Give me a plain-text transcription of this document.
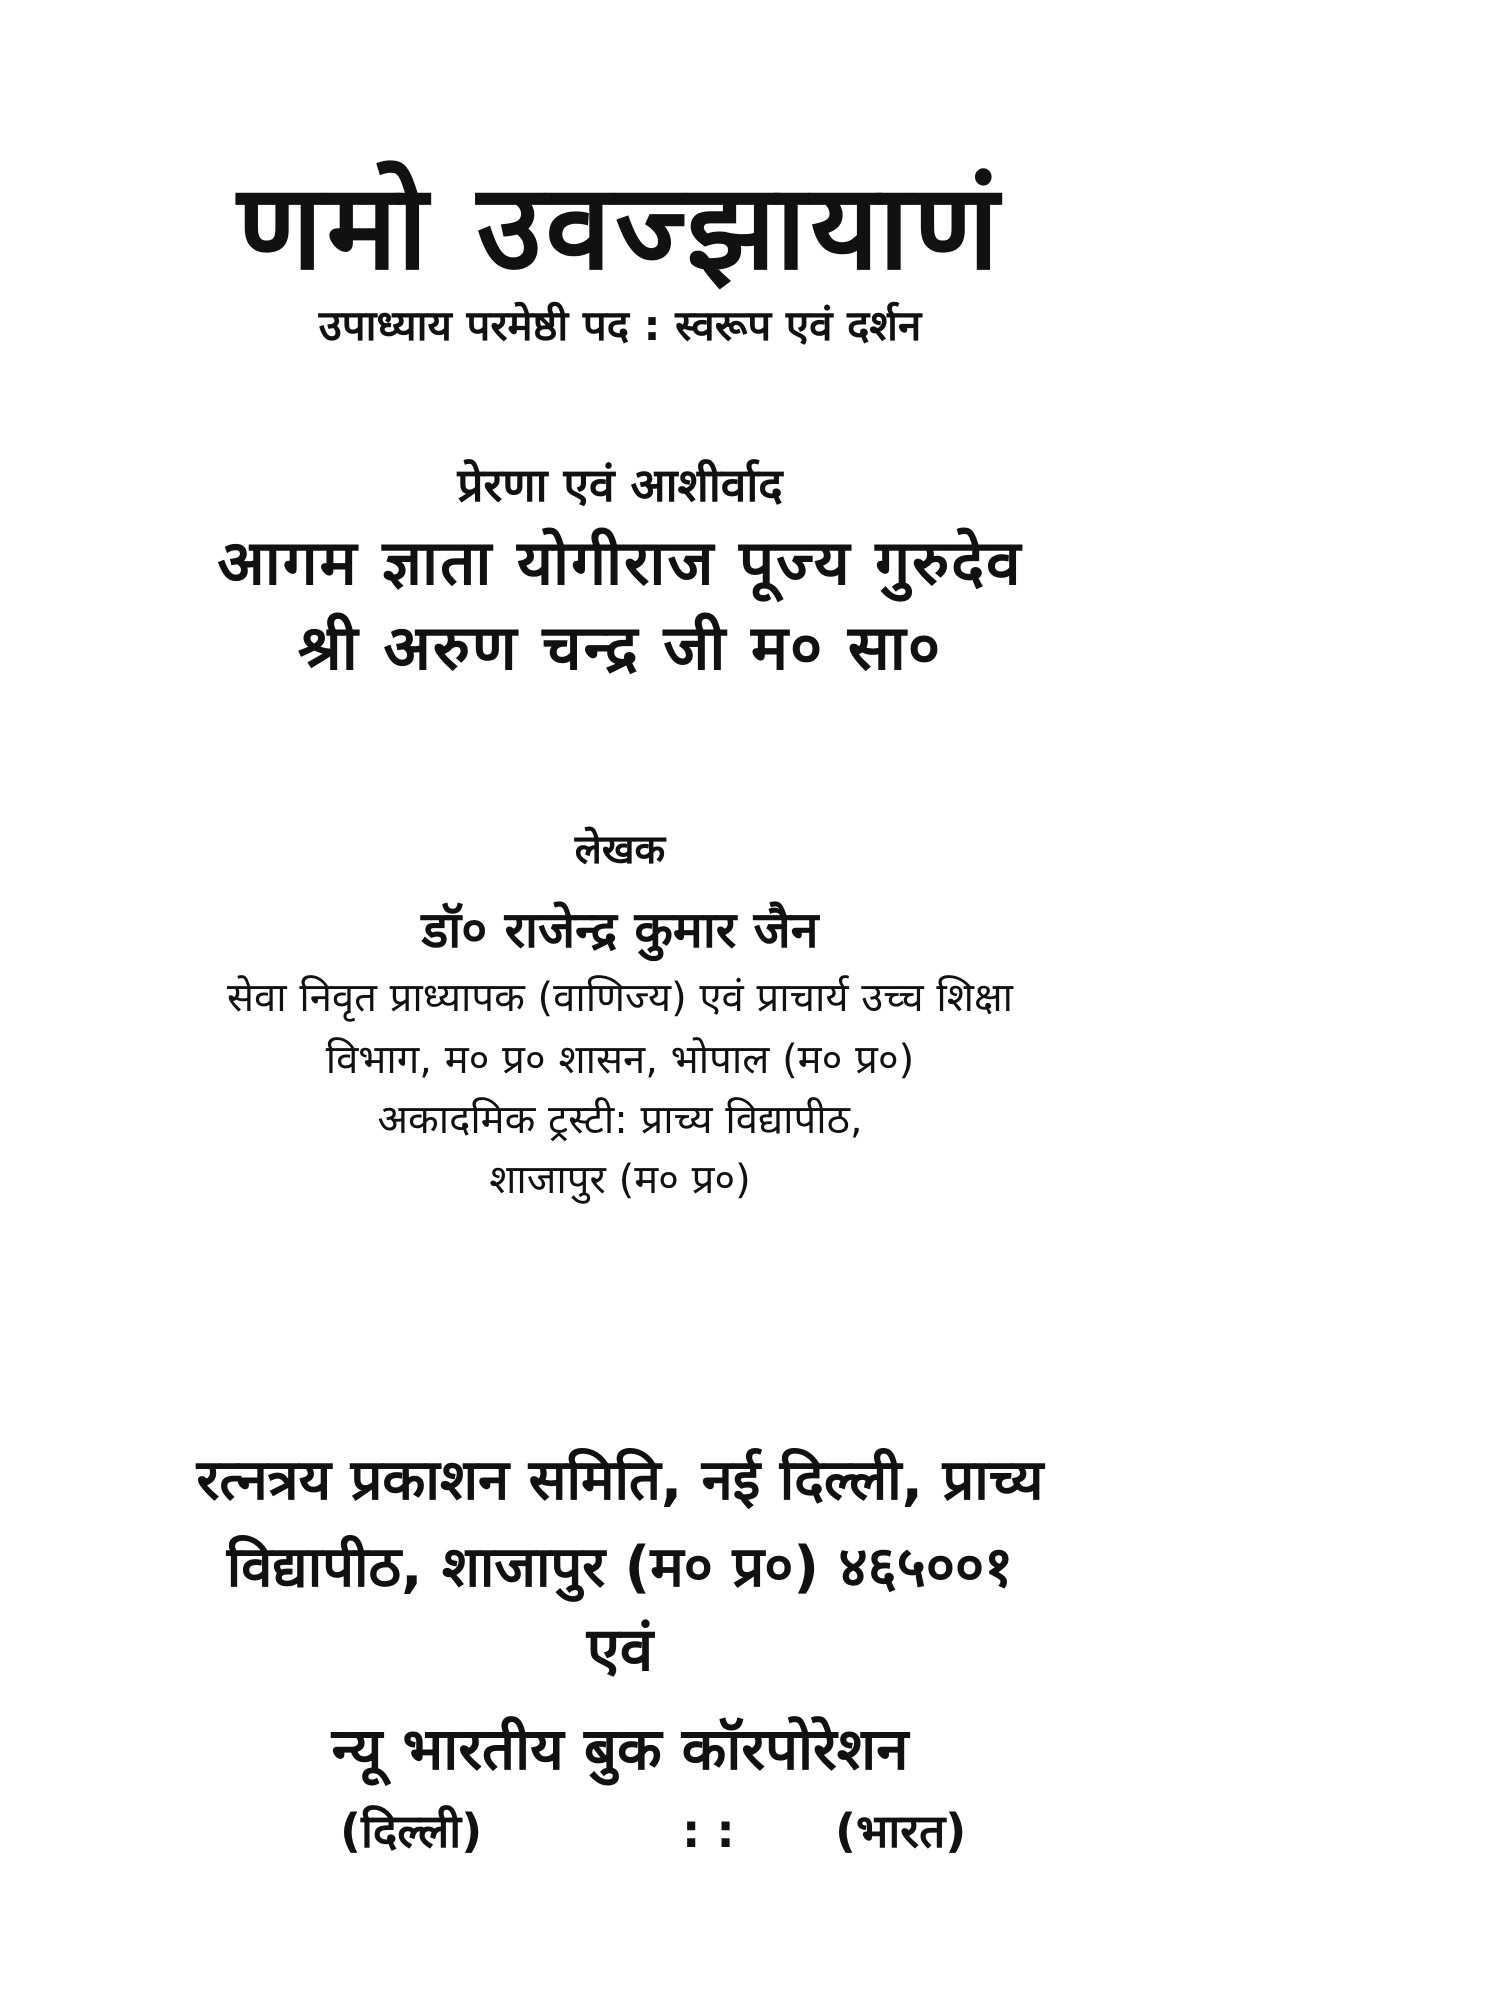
णमो उवज्झायाणं
उपाध्याय परमेष्ठी पद : स्वरूप एवं दर्शन
प्रेरणा एवं आशीर्वाद
आगम ज्ञाता योगीराज पूज्य गुरुदेव
श्री अरुण चन्द्र जी म० सा०
लेखक
डॉ० राजेन्द्र कुमार जैन
सेवा निवृत प्राध्यापक (वाणिज्य) एवं प्राचार्य उच्च शिक्षा
विभाग, म० प्र० शासन, भोपाल (म० प्र०)
अकादमिक ट्रस्टी: प्राच्य विद्यापीठ,
शाजापुर (म० प्र०)
रत्नत्रय प्रकाशन समिति, नई दिल्ली, प्राच्य
विद्यापीठ, शाजापुर (म० प्र०) ४६५००१
एवं
न्यू भारतीय बुक कॉरपोरेशन
(दिल्ली)	: : (भारत)
